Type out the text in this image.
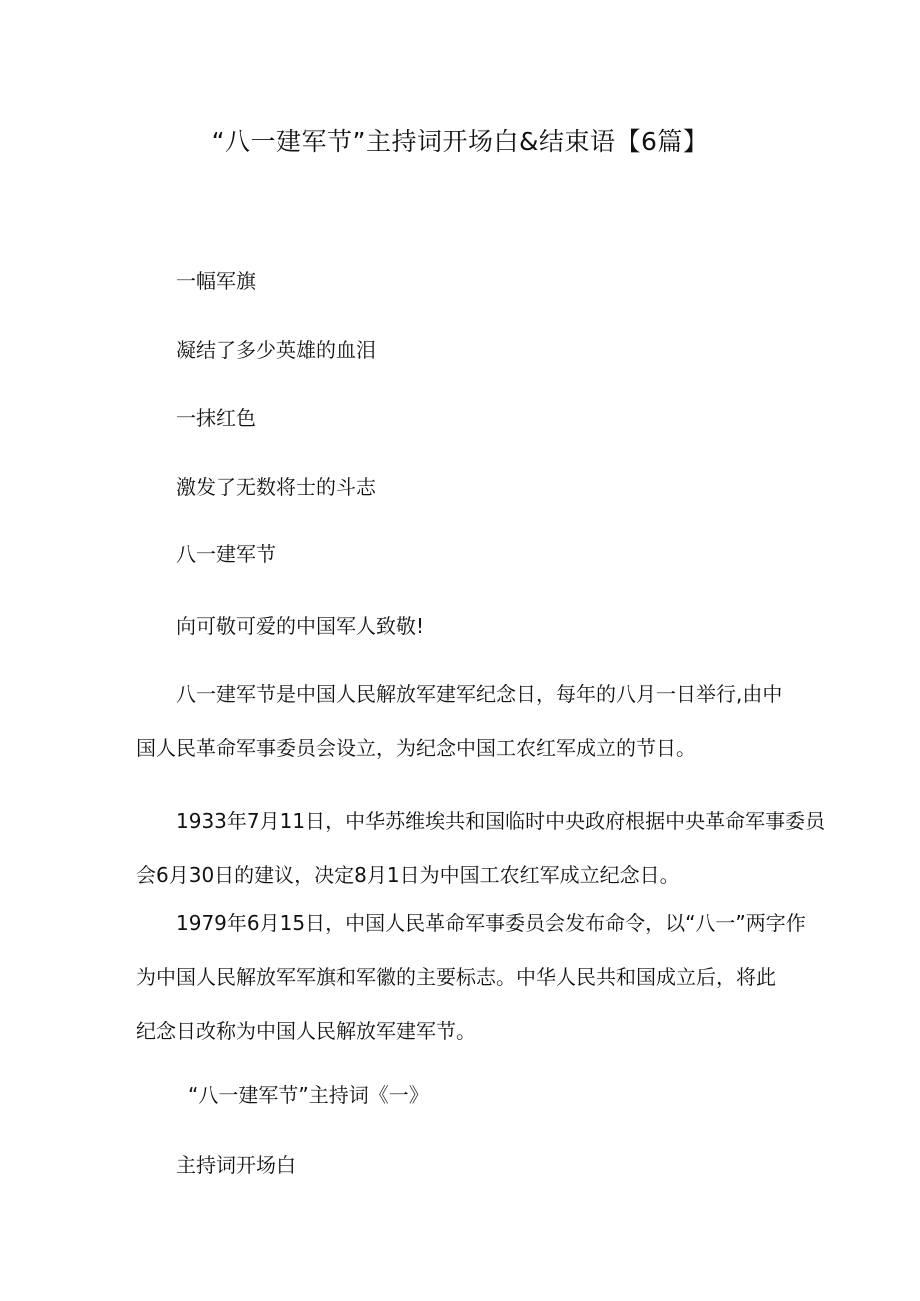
“八一建军节”主持词开场白&结束语【6篇】
一幅军旗
凝结了多少英雄的血泪
一抹红色
激发了无数将士的斗志
八一建军节
向可敬可爱的中国军人致敬!
八一建军节是中国人民解放军建军纪念日，每年的八月一日举行,由中
国人民革命军事委员会设立，为纪念中国工农红军成立的节日。
1933年7月11日，中华苏维埃共和国临时中央政府根据中央革命军事委员
会6月30日的建议，决定8月1日为中国工农红军成立纪念日。
1979年6月15日，中国人民革命军事委员会发布命令，以“八一”两字作
为中国人民解放军军旗和军徽的主要标志。中华人民共和国成立后，将此纪念日改称为中国人民解放军建军节。
“八一建军节”主持词《一》
主持词开场白
